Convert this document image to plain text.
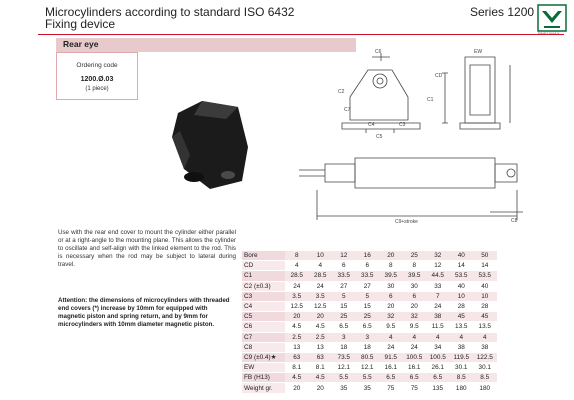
Microcylinders according to standard ISO 6432
Fixing device
Series 1200
Rear eye
Ordering code
1200.Ø.03
(1 piece)
C6	EW
CD
C1
C2
C7
C4	C3
C5
C9+stroke	C8
Use with the rear end cover to mount the cylinder either parallel or at a right-angle to the mounting plane. This allows the cylinder to oscillate and self-align with the linked element to the rod. This is necessary when the rod may be subject to lateral during travel.
Attention: the dimensions of microcylinders with threaded end covers (*) increase by 10mm for equipped with magnetic piston and spring return, and by 9mm for microcylinders with 10mm diameter magnetic piston.
Bore	8	10	12	16	20	25	32	40	50
CD	4	4	6	6	8	8	12	14	14
C1	28.5	28.5	33.5	33.5	39.5	39.5	44.5	53.5	53.5
C2 (±0.3)	24	24	27	27	30	30	33	40	40
C3	3.5	3.5	5	5	6	6	7	10	10
C4	12.5	12.5	15	15	20	20	24	28	28
C5	20	20	25	25	32	32	38	45	45
C6	4.5	4.5	6.5	6.5	9.5	9.5	11.5	13.5	13.5
C7	2.5	2.5	3	3	4	4	4	4	4
C8	13	13	18	18	24	24	34	38	38
C9 (±0.4)★	63	63	73.5	80.5	91.5	100.5	100.5	119.5	122.5
EW	8.1	8.1	12.1	12.1	16.1	16.1	26.1	30.1	30.1
FB (H13)	4.5	4.5	5.5	5.5	6.5	6.5	6.5	8.5	8.5
Weight gr.	20	20	35	35	75	75	135	180	180
